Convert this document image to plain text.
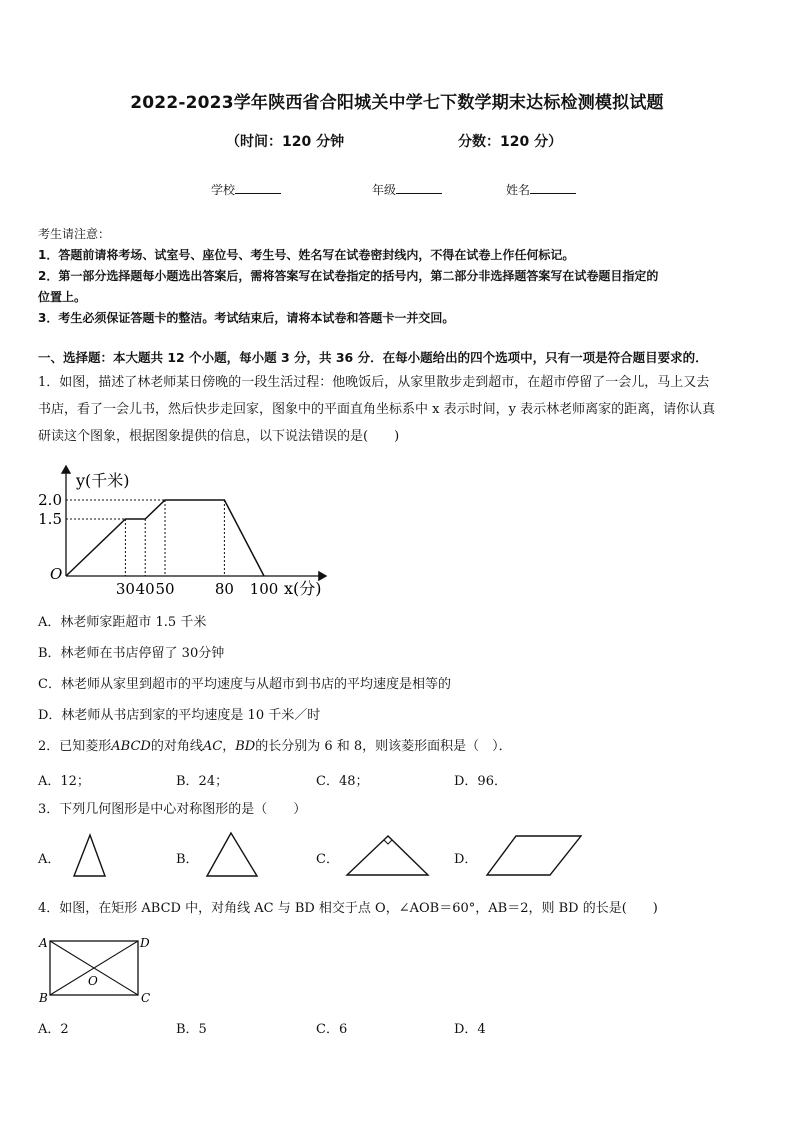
2022-2023学年陕西省合阳城关中学七下数学期末达标检测模拟试题
（时间：120 分钟	分数：120 分）
学校	年级	姓名
考生请注意：
1．答题前请将考场、试室号、座位号、考生号、姓名写在试卷密封线内，不得在试卷上作任何标记。
2．第一部分选择题每小题选出答案后，需将答案写在试卷指定的括号内，第二部分非选择题答案写在试卷题目指定的
位置上。
3．考生必须保证答题卡的整洁。考试结束后，请将本试卷和答题卡一并交回。
一、选择题：本大题共 12 个小题，每小题 3 分，共 36 分．在每小题给出的四个选项中，只有一项是符合题目要求的．
1．如图，描述了林老师某日傍晚的一段生活过程：他晚饭后，从家里散步走到超市，在超市停留了一会儿，马上又去
书店，看了一会儿书，然后快步走回家，图象中的平面直角坐标系中 x 表示时间，y 表示林老师离家的距离，请你认真
研读这个图象，根据图象提供的信息，以下说法错误的是(　　)
30 40 50	80 100
1.5
2.0
O
y(千米)
x(分)
A．林老师家距超市 1.5 千米
B．林老师在书店停留了 30分钟
C．林老师从家里到超市的平均速度与从超市到书店的平均速度是相等的
D．林老师从书店到家的平均速度是 10 千米／时
2．已知菱形ABCD的对角线AC，BD的长分别为 6 和 8，则该菱形面积是（　）．
A．12；	B．24；	C．48；	D．96．
3．下列几何图形是中心对称图形的是（　　）
A．	B．	C．	D．
4．如图，在矩形 ABCD 中，对角线 AC 与 BD 相交于点 O，∠AOB＝60°，AB＝2，则 BD 的长是(　　)
A	D
B	C
O
A．2	B．5	C．6	D．4
